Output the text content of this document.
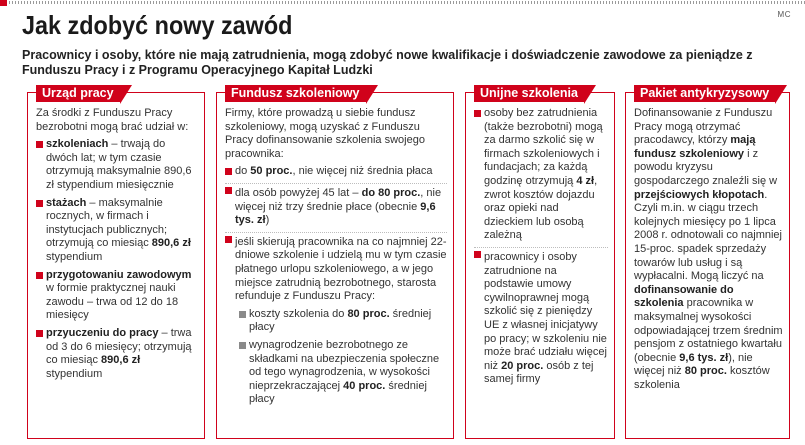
MC
Jak zdobyć nowy zawód

Pracownicy i osoby, które nie mają zatrudnienia, mogą zdobyć nowe kwalifikacje i doświadczenie zawodowe za pieniądze z Funduszu Pracy i z Programu Operacyjnego Kapitał Ludzki

Urząd pracy

Za środki z Funduszu Pracy bezrobotni mogą brać udział w:

szkoleniach – trwają do dwóch lat; w tym czasie otrzymują maksymalnie 890,6 zł stypendium miesięcznie
stażach – maksymalnie rocznych, w firmach i instytucjach publicznych; otrzymują co miesiąc 890,6 zł stypendium
przygotowaniu zawodowym w formie praktycznej nauki zawodu – trwa od 12 do 18 miesięcy
przyuczeniu do pracy – trwa od 3 do 6 miesięcy; otrzymują co miesiąc 890,6 zł stypendium
Fundusz szkoleniowy

Firmy, które prowadzą u siebie fundusz szkoleniowy, mogą uzyskać z Funduszu Pracy dofinansowanie szkolenia swojego pracownika:

do 50 proc., nie więcej niż średnia płaca
dla osób powyżej 45 lat – do 80 proc., nie więcej niż trzy średnie płace (obecnie 9,6 tys. zł)
jeśli skierują pracownika na co najmniej 22-dniowe szkolenie i udzielą mu w tym czasie płatnego urlopu szkoleniowego, a w jego miejsce zatrudnią bezrobotnego, starosta refunduje z Funduszu Pracy:
koszty szkolenia do 80 proc. średniej płacy
wynagrodzenie bezrobotnego ze składkami na ubezpieczenia społeczne od tego wynagrodzenia, w wysokości nieprzekraczającej 40 proc. średniej płacy
Unijne szkolenia
osoby bez zatrudnienia (także bezrobotni) mogą za darmo szkolić się w firmach szkoleniowych i fundacjach; za każdą godzinę otrzymują 4 zł, zwrot kosztów dojazdu oraz opieki nad dzieckiem lub osobą zależną
pracownicy i osoby zatrudnione na podstawie umowy cywilnoprawnej mogą szkolić się z pieniędzy UE z własnej inicjatywy po pracy; w szkoleniu nie może brać udziału więcej niż 20 proc. osób z tej samej firmy
Pakiet antykryzysowy

Dofinansowanie z Funduszu Pracy mogą otrzymać pracodawcy, którzy mają fundusz szkoleniowy i z powodu kryzysu gospodarczego znaleźli się w przejściowych kłopotach.

Czyli m.in. w ciągu trzech kolejnych miesięcy po 1 lipca 2008 r. odnotowali co najmniej 15-proc. spadek sprzedaży towarów lub usług i są wypłacalni. Mogą liczyć na dofinansowanie do szkolenia pracownika w maksymalnej wysokości odpowiadającej trzem średnim pensjom z ostatniego kwartału (obecnie 9,6 tys. zł), nie więcej niż 80 proc. kosztów szkolenia
